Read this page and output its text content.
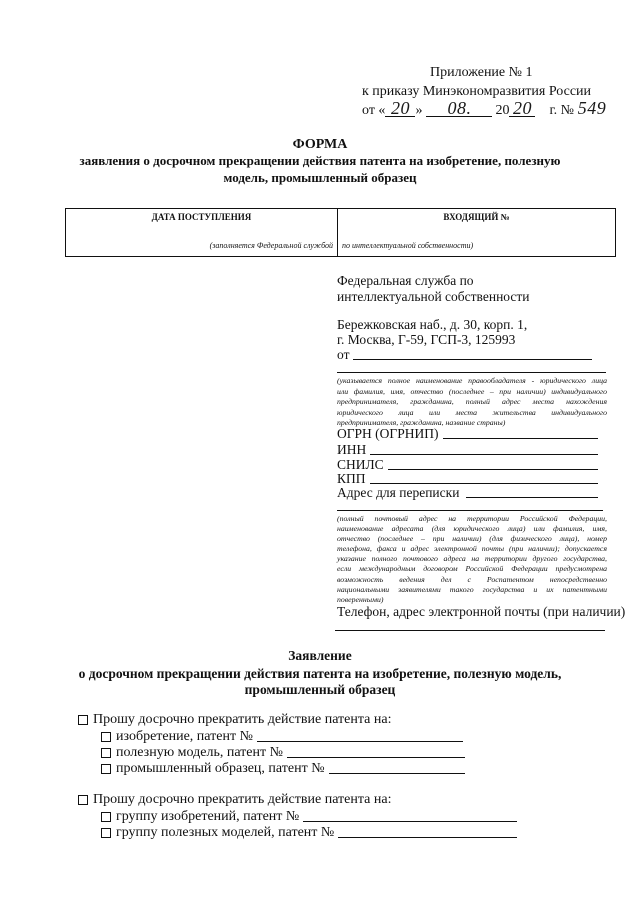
Приложение № 1
к приказу Минэкономразвития России
от « 20 »	08.	20 20 г. № 549
ФОРМА
заявления о досрочном прекращении действия патента на изобретение, полезную
модель, промышленный образец
ДАТА ПОСТУПЛЕНИЯ
(заполняется Федеральной службой
ВХОДЯЩИЙ №
по интеллектуальной собственности)
Федеральная служба по
интеллектуальной собственности
Бережковская наб., д. 30, корп. 1,
г. Москва, Г-59, ГСП-3, 125993
от
(указывается полное наименование правообладателя - юридического лица
или фамилия, имя, отчество (последнее – при наличии) индивидуального
предпринимателя, гражданина, полный адрес места нахождения
юридического лица или места жительства индивидуального
предпринимателя, гражданина, название страны)
ОГРН (ОГРНИП)
ИНН
СНИЛС
КПП
Адрес для переписки
(полный почтовый адрес на территории Российской Федерации,
наименование адресата (для юридического лица) или фамилия, имя,
отчество (последнее – при наличии) (для физического лица), номер
телефона, факса и адрес электронной почты (при наличии); допускается
указание полного почтового адреса на территории другого государства,
если международным договором Российской Федерации предусмотрена
возможность ведения дел с Роспатентом непосредственно
национальными заявителями такого государства и их патентными
поверенными)
Телефон, адрес электронной почты (при наличии)
Заявление
о досрочном прекращении действия патента на изобретение, полезную модель,
промышленный образец
Прошу досрочно прекратить действие патента на:
изобретение, патент №
полезную модель, патент №
промышленный образец, патент №
Прошу досрочно прекратить действие патента на:
группу изобретений, патент №
группу полезных моделей, патент №
